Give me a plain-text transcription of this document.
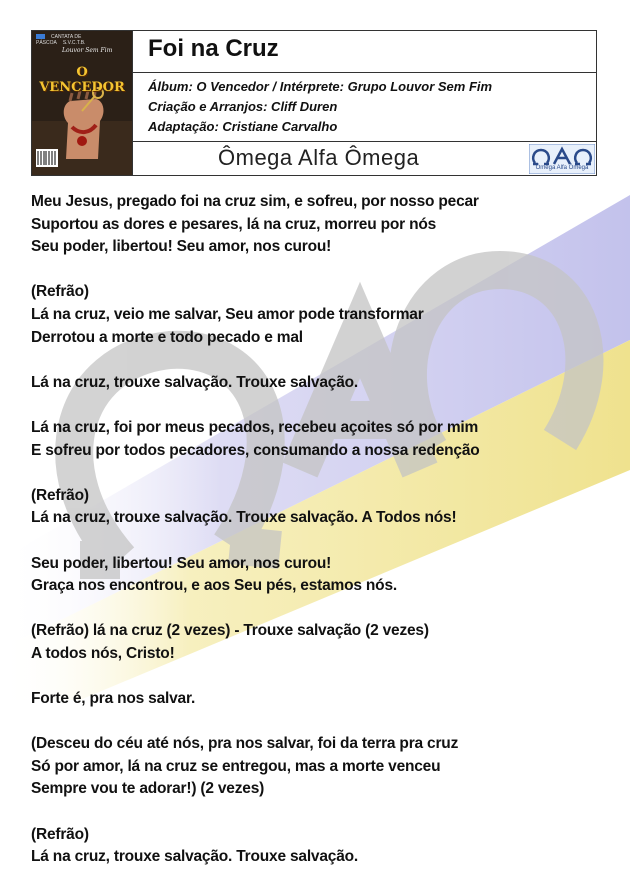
CANTATA DE PÁSCOA S.V.C.T.B.
Louvor Sem Fim
O VENCEDOR
Foi na Cruz
Álbum: O Vencedor / Intérprete: Grupo Louvor Sem Fim
Criação e Arranjos: Cliff Duren
Adaptação: Cristiane Carvalho
Ômega Alfa Ômega	Ômega Alfa Ômega
Meu Jesus, pregado foi na cruz sim, e sofreu, por nosso pecar
Suportou as dores e pesares, lá na cruz, morreu por nós
Seu poder, libertou! Seu amor, nos curou!
(Refrão)
Lá na cruz, veio me salvar, Seu amor pode transformar
Derrotou a morte e todo pecado e mal
Lá na cruz, trouxe salvação. Trouxe salvação.
Lá na cruz, foi por meus pecados, recebeu açoites só por mim
E sofreu por todos pecadores, consumando a nossa redenção
(Refrão)
Lá na cruz, trouxe salvação. Trouxe salvação. A Todos nós!
Seu poder, libertou! Seu amor, nos curou!
Graça nos encontrou, e aos Seu pés, estamos nós.
(Refrão) lá na cruz (2 vezes) - Trouxe salvação (2 vezes)
A todos nós, Cristo!
Forte é, pra nos salvar.
(Desceu do céu até nós, pra nos salvar, foi da terra pra cruz
Só por amor, lá na cruz se entregou, mas a morte venceu
Sempre vou te adorar!) (2 vezes)
(Refrão)
Lá na cruz, trouxe salvação. Trouxe salvação.
